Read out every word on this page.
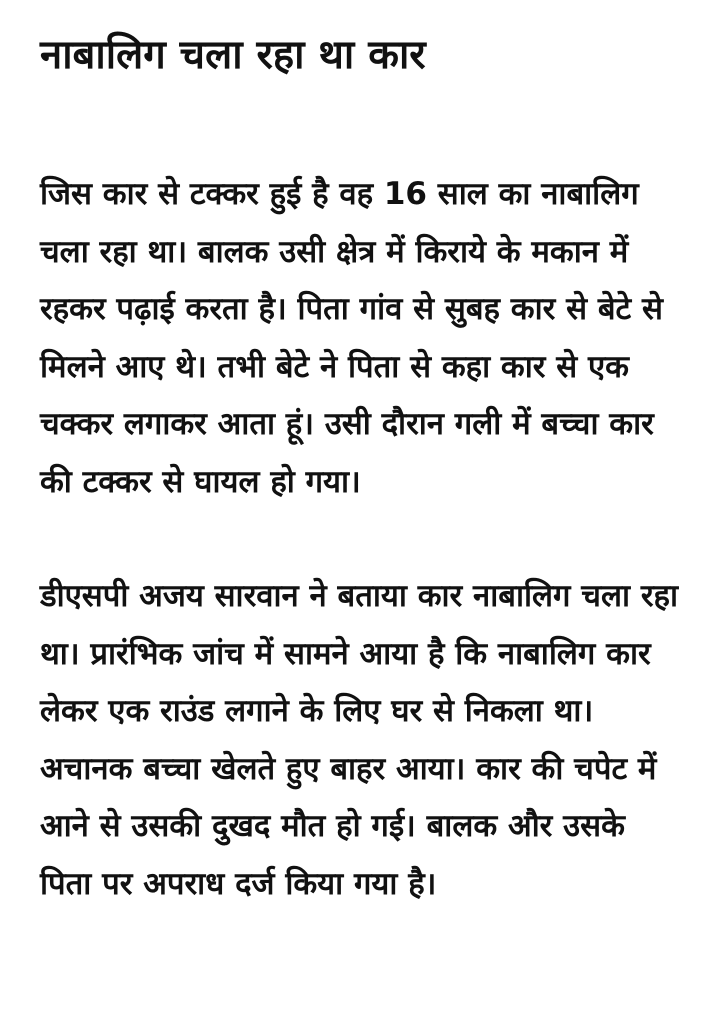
नाबालिग चला रहा था कार

जिस कार से टक्कर हुई है वह 16 साल का नाबालिग चला रहा था। बालक उसी क्षेत्र में किराये के मकान में रहकर पढ़ाई करता है। पिता गांव से सुबह कार से बेटे से मिलने आए थे। तभी बेटे ने पिता से कहा कार से एक चक्कर लगाकर आता हूं। उसी दौरान गली में बच्चा कार की टक्कर से घायल हो गया।

डीएसपी अजय सारवान ने बताया कार नाबालिग चला रहा था। प्रारंभिक जांच में सामने आया है कि नाबालिग कार लेकर एक राउंड लगाने के लिए घर से निकला था। अचानक बच्चा खेलते हुए बाहर आया। कार की चपेट में आने से उसकी दुखद मौत हो गई। बालक और उसके पिता पर अपराध दर्ज किया गया है।
